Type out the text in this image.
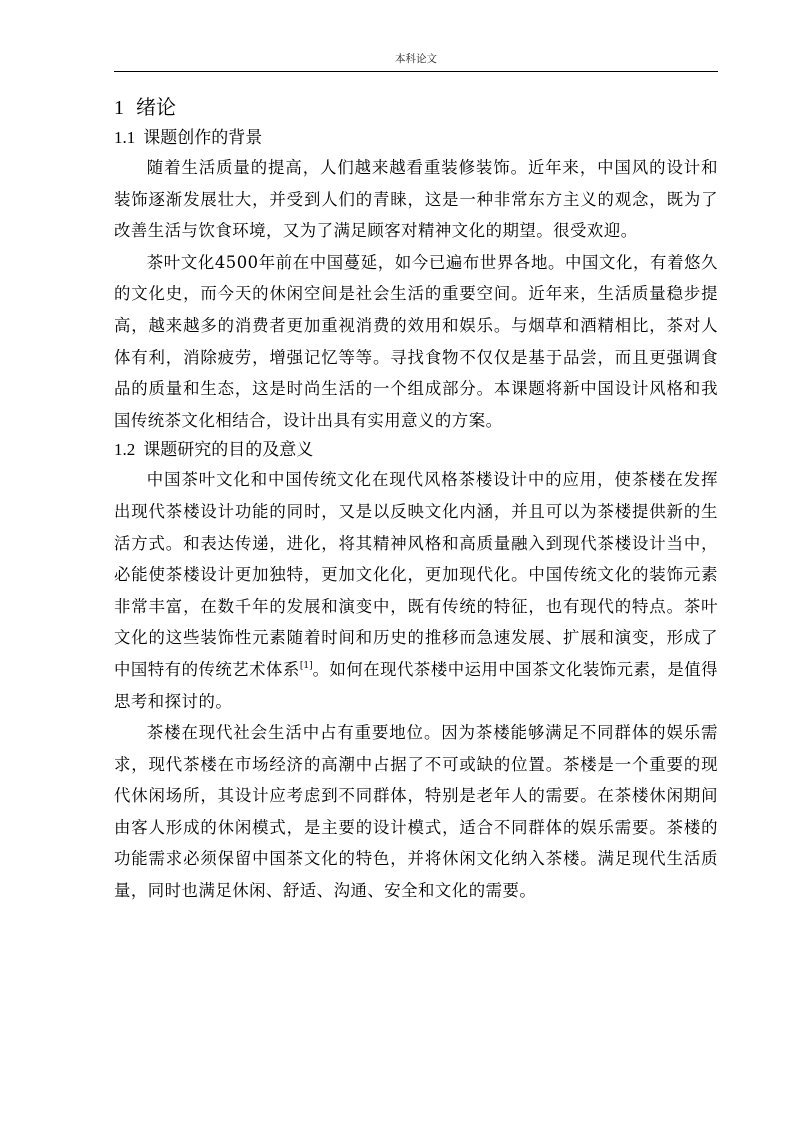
本科论文
1 绪论
1.1 课题创作的背景

随着生活质量的提高，人们越来越看重装修装饰。近年来，中国风的设计和装饰逐渐发展壮大，并受到人们的青睐，这是一种非常东方主义的观念，既为了改善生活与饮食环境，又为了满足顾客对精神文化的期望。很受欢迎。

茶叶文化4500年前在中国蔓延，如今已遍布世界各地。中国文化，有着悠久的文化史，而今天的休闲空间是社会生活的重要空间。近年来，生活质量稳步提高，越来越多的消费者更加重视消费的效用和娱乐。与烟草和酒精相比，茶对人体有利，消除疲劳，增强记忆等等。寻找食物不仅仅是基于品尝，而且更强调食品的质量和生态，这是时尚生活的一个组成部分。本课题将新中国设计风格和我国传统茶文化相结合，设计出具有实用意义的方案。

1.2 课题研究的目的及意义

中国茶叶文化和中国传统文化在现代风格茶楼设计中的应用，使茶楼在发挥出现代茶楼设计功能的同时，又是以反映文化内涵，并且可以为茶楼提供新的生活方式。和表达传递，进化，将其精神风格和高质量融入到现代茶楼设计当中，必能使茶楼设计更加独特，更加文化化，更加现代化。中国传统文化的装饰元素非常丰富，在数千年的发展和演变中，既有传统的特征，也有现代的特点。茶叶文化的这些装饰性元素随着时间和历史的推移而急速发展、扩展和演变，形成了中国特有的传统艺术体系[1]。如何在现代茶楼中运用中国茶文化装饰元素，是值得思考和探讨的。

茶楼在现代社会生活中占有重要地位。因为茶楼能够满足不同群体的娱乐需求，现代茶楼在市场经济的高潮中占据了不可或缺的位置。茶楼是一个重要的现代休闲场所，其设计应考虑到不同群体，特别是老年人的需要。在茶楼休闲期间由客人形成的休闲模式，是主要的设计模式，适合不同群体的娱乐需要。茶楼的功能需求必须保留中国茶文化的特色，并将休闲文化纳入茶楼。满足现代生活质量，同时也满足休闲、舒适、沟通、安全和文化的需要。
